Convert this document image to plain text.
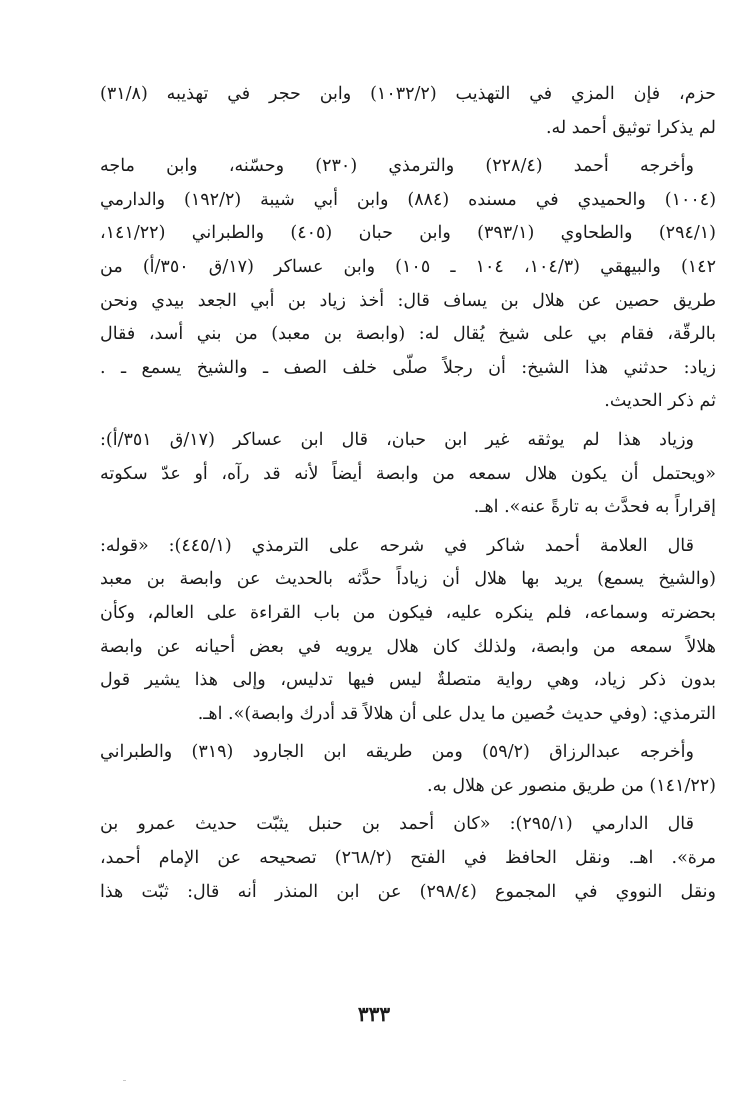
حزم، فإن المزي في التهذيب (١٠٣٢/٢) وابن حجر في تهذيبه (٣١/٨)
لم يذكرا توثيق أحمد له.
وأخرجه أحمد (٢٢٨/٤) والترمذي (٢٣٠) وحسّنه، وابن ماجه
(١٠٠٤) والحميدي في مسنده (٨٨٤) وابن أبي شيبة (١٩٢/٢) والدارمي
(٢٩٤/١) والطحاوي (٣٩٣/١) وابن حبان (٤٠٥) والطبراني (١٤١/٢٢،
١٤٢) والبيهقي (١٠٤/٣، ١٠٤ ـ ١٠٥) وابن عساكر (١٧/ق ٣٥٠/أ) من
طريق حصين عن هلال بن يساف قال: أخذ زياد بن أبي الجعد بيدي ونحن
بالرقّة، فقام بي على شيخ يُقال له: (وابصة بن معبد) من بني أسد، فقال
زياد: حدثني هذا الشيخ: أن رجلاً صلّى خلف الصف ـ والشيخ يسمع ـ .
ثم ذكر الحديث.
وزياد هذا لم يوثقه غير ابن حبان، قال ابن عساكر (١٧/ق ٣٥١/أ):
«ويحتمل أن يكون هلال سمعه من وابصة أيضاً لأنه قد رآه، أو عدّ سكوته
إقراراً به فحدَّث به تارةً عنه». اهـ.
قال العلامة أحمد شاكر في شرحه على الترمذي (٤٤٥/١): «قوله:
(والشيخ يسمع) يريد بها هلال أن زياداً حدَّثه بالحديث عن وابصة بن معبد
بحضرته وسماعه، فلم ينكره عليه، فيكون من باب القراءة على العالم، وكأن
هلالاً سمعه من وابصة، ولذلك كان هلال يرويه في بعض أحيانه عن وابصة
بدون ذكر زياد، وهي رواية متصلةٌ ليس فيها تدليس، وإلى هذا يشير قول
الترمذي: (وفي حديث حُصين ما يدل على أن هلالاً قد أدرك وابصة)». اهـ.
وأخرجه عبدالرزاق (٥٩/٢) ومن طريقه ابن الجارود (٣١٩) والطبراني
(١٤١/٢٢) من طريق منصور عن هلال به.
قال الدارمي (٢٩٥/١): «كان أحمد بن حنبل يثبّت حديث عمرو بن
مرة». اهـ. ونقل الحافظ في الفتح (٢٦٨/٢) تصحيحه عن الإمام أحمد،
ونقل النووي في المجموع (٢٩٨/٤) عن ابن المنذر أنه قال: ثبّت هذا
٣٣٣
